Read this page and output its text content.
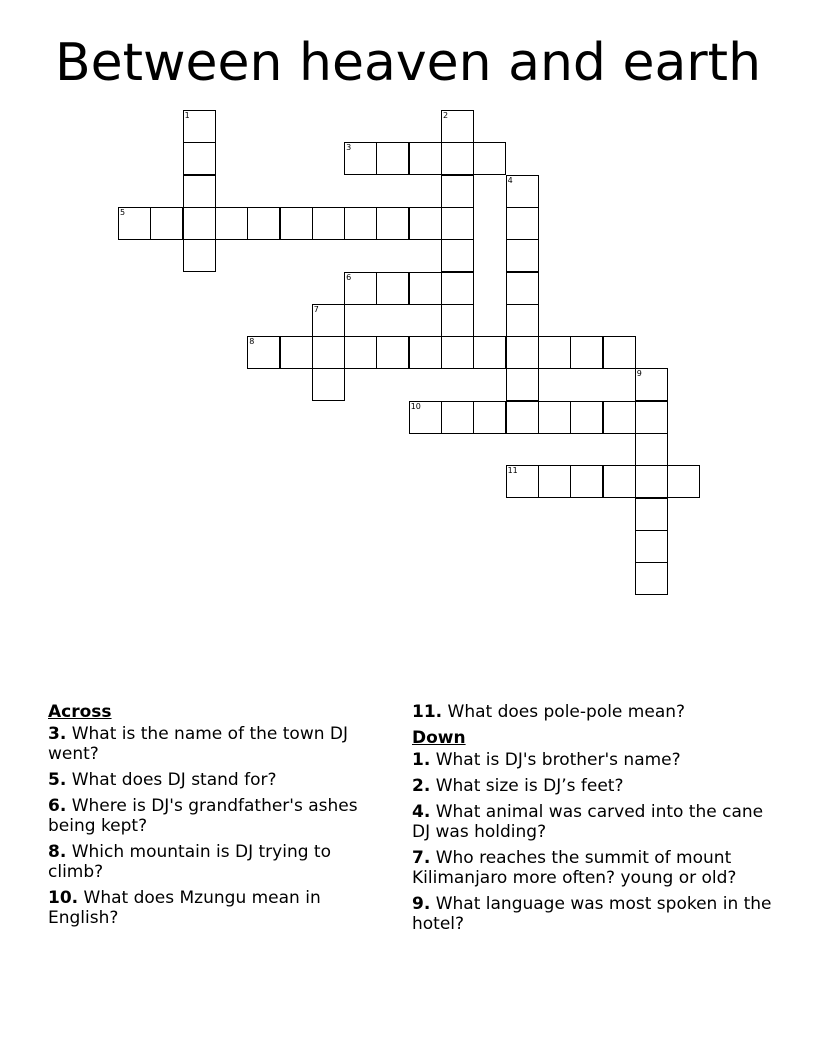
Between heaven and earth
1	2
3
4
5
6
7
8
9
10
11
Across
3. What is the name of the town DJ went?
5. What does DJ stand for?
6. Where is DJ's grandfather's ashes being kept?
8. Which mountain is DJ trying to climb?
10. What does Mzungu mean in English?
11. What does pole-pole mean?
Down
1. What is DJ's brother's name?
2. What size is DJ’s feet?
4. What animal was carved into the cane DJ was holding?
7. Who reaches the summit of mount Kilimanjaro more often? young or old?
9. What language was most spoken in the hotel?
